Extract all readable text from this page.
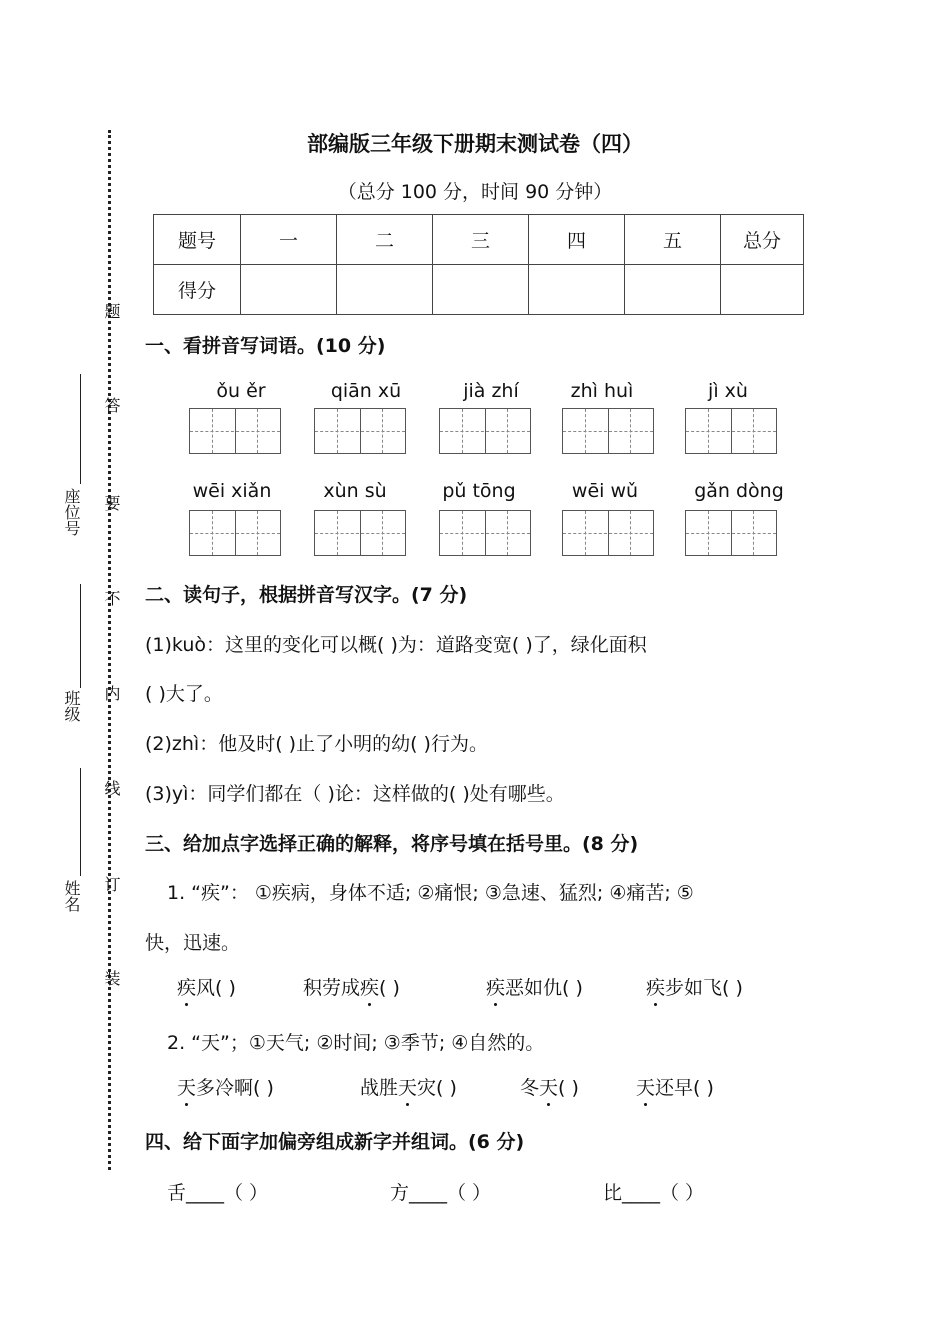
题
答
要
不
内
线
订
装
座位号
班级
姓名
部编版三年级下册期末测试卷（四）
（总分 100 分，时间 90 分钟）
题号	一	二	三	四	五	总分
得分						
一、看拼音写词语。(10 分)
ǒu ěr	qiān xū	jià zhí	zhì huì	jì xù
wēi xiǎn	xùn sù	pǔ tōng	wēi wǔ	gǎn dòng
二、读句子，根据拼音写汉字。(7 分)
(1)kuò：这里的变化可以概( )为：道路变宽( )了，绿化面积
( )大了。
(2)zhì：他及时( )止了小明的幼( )行为。
(3)yì：同学们都在（ )论：这样做的( )处有哪些。
三、给加点字选择正确的解释，将序号填在括号里。(8 分)
1. “疾”： ①疾病，身体不适; ②痛恨; ③急速、猛烈; ④痛苦; ⑤
快，迅速。
疾风( )	积劳成疾( )	疾恶如仇( )	疾步如飞( )
2. “天”；①天气; ②时间; ③季节; ④自然的。
天多冷啊( )	战胜天灾( )	冬天( )	天还早( )
四、给下面字加偏旁组成新字并组词。(6 分)
舌____（ ）	方____（ ）	比____（ ）
